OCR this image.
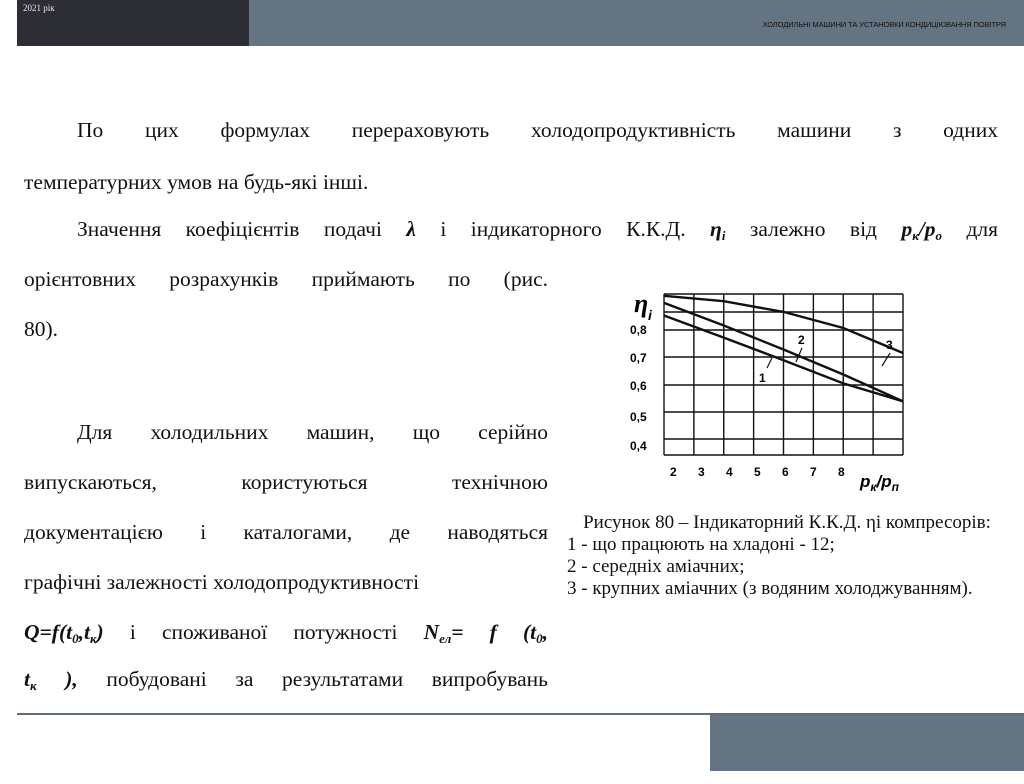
2021 рік
ХОЛОДИЛЬНІ МАШИНИ ТА УСТАНОВКИ КОНДИЦІЮВАННЯ ПОВІТРЯ
По цих формулах перераховують холодопродуктивність машини з одних
температурних умов на будь-які інші.
Значення коефіцієнтів подачі λ і індикаторного К.К.Д. $\eta_i$ залежно від $p_к/p_о$ для
орієнтовних розрахунків приймають по (рис.
80).
Для холодильних машин, що серійно
випускаються, користуються технічною
документацією і каталогами, де наводяться
графічні залежності холодопродуктивності
$Q=f(t_0,t_к)$ і споживаної потужності $N_{ел}= f$ ($t_0$,
$t_к$ ), побудовані за результатами випробувань
1
2	3
2 3 4 5 6 7 8
0,8
0,7
0,6
0,5
0,4
η i
$p_к/p_п$
Рисунок 80 – Індикаторний К.К.Д. ηі компресорів:
1 - що працюють на хладоні - 12;
2 - середніх аміачних;
3 - крупних аміачних (з водяним холоджуванням).
